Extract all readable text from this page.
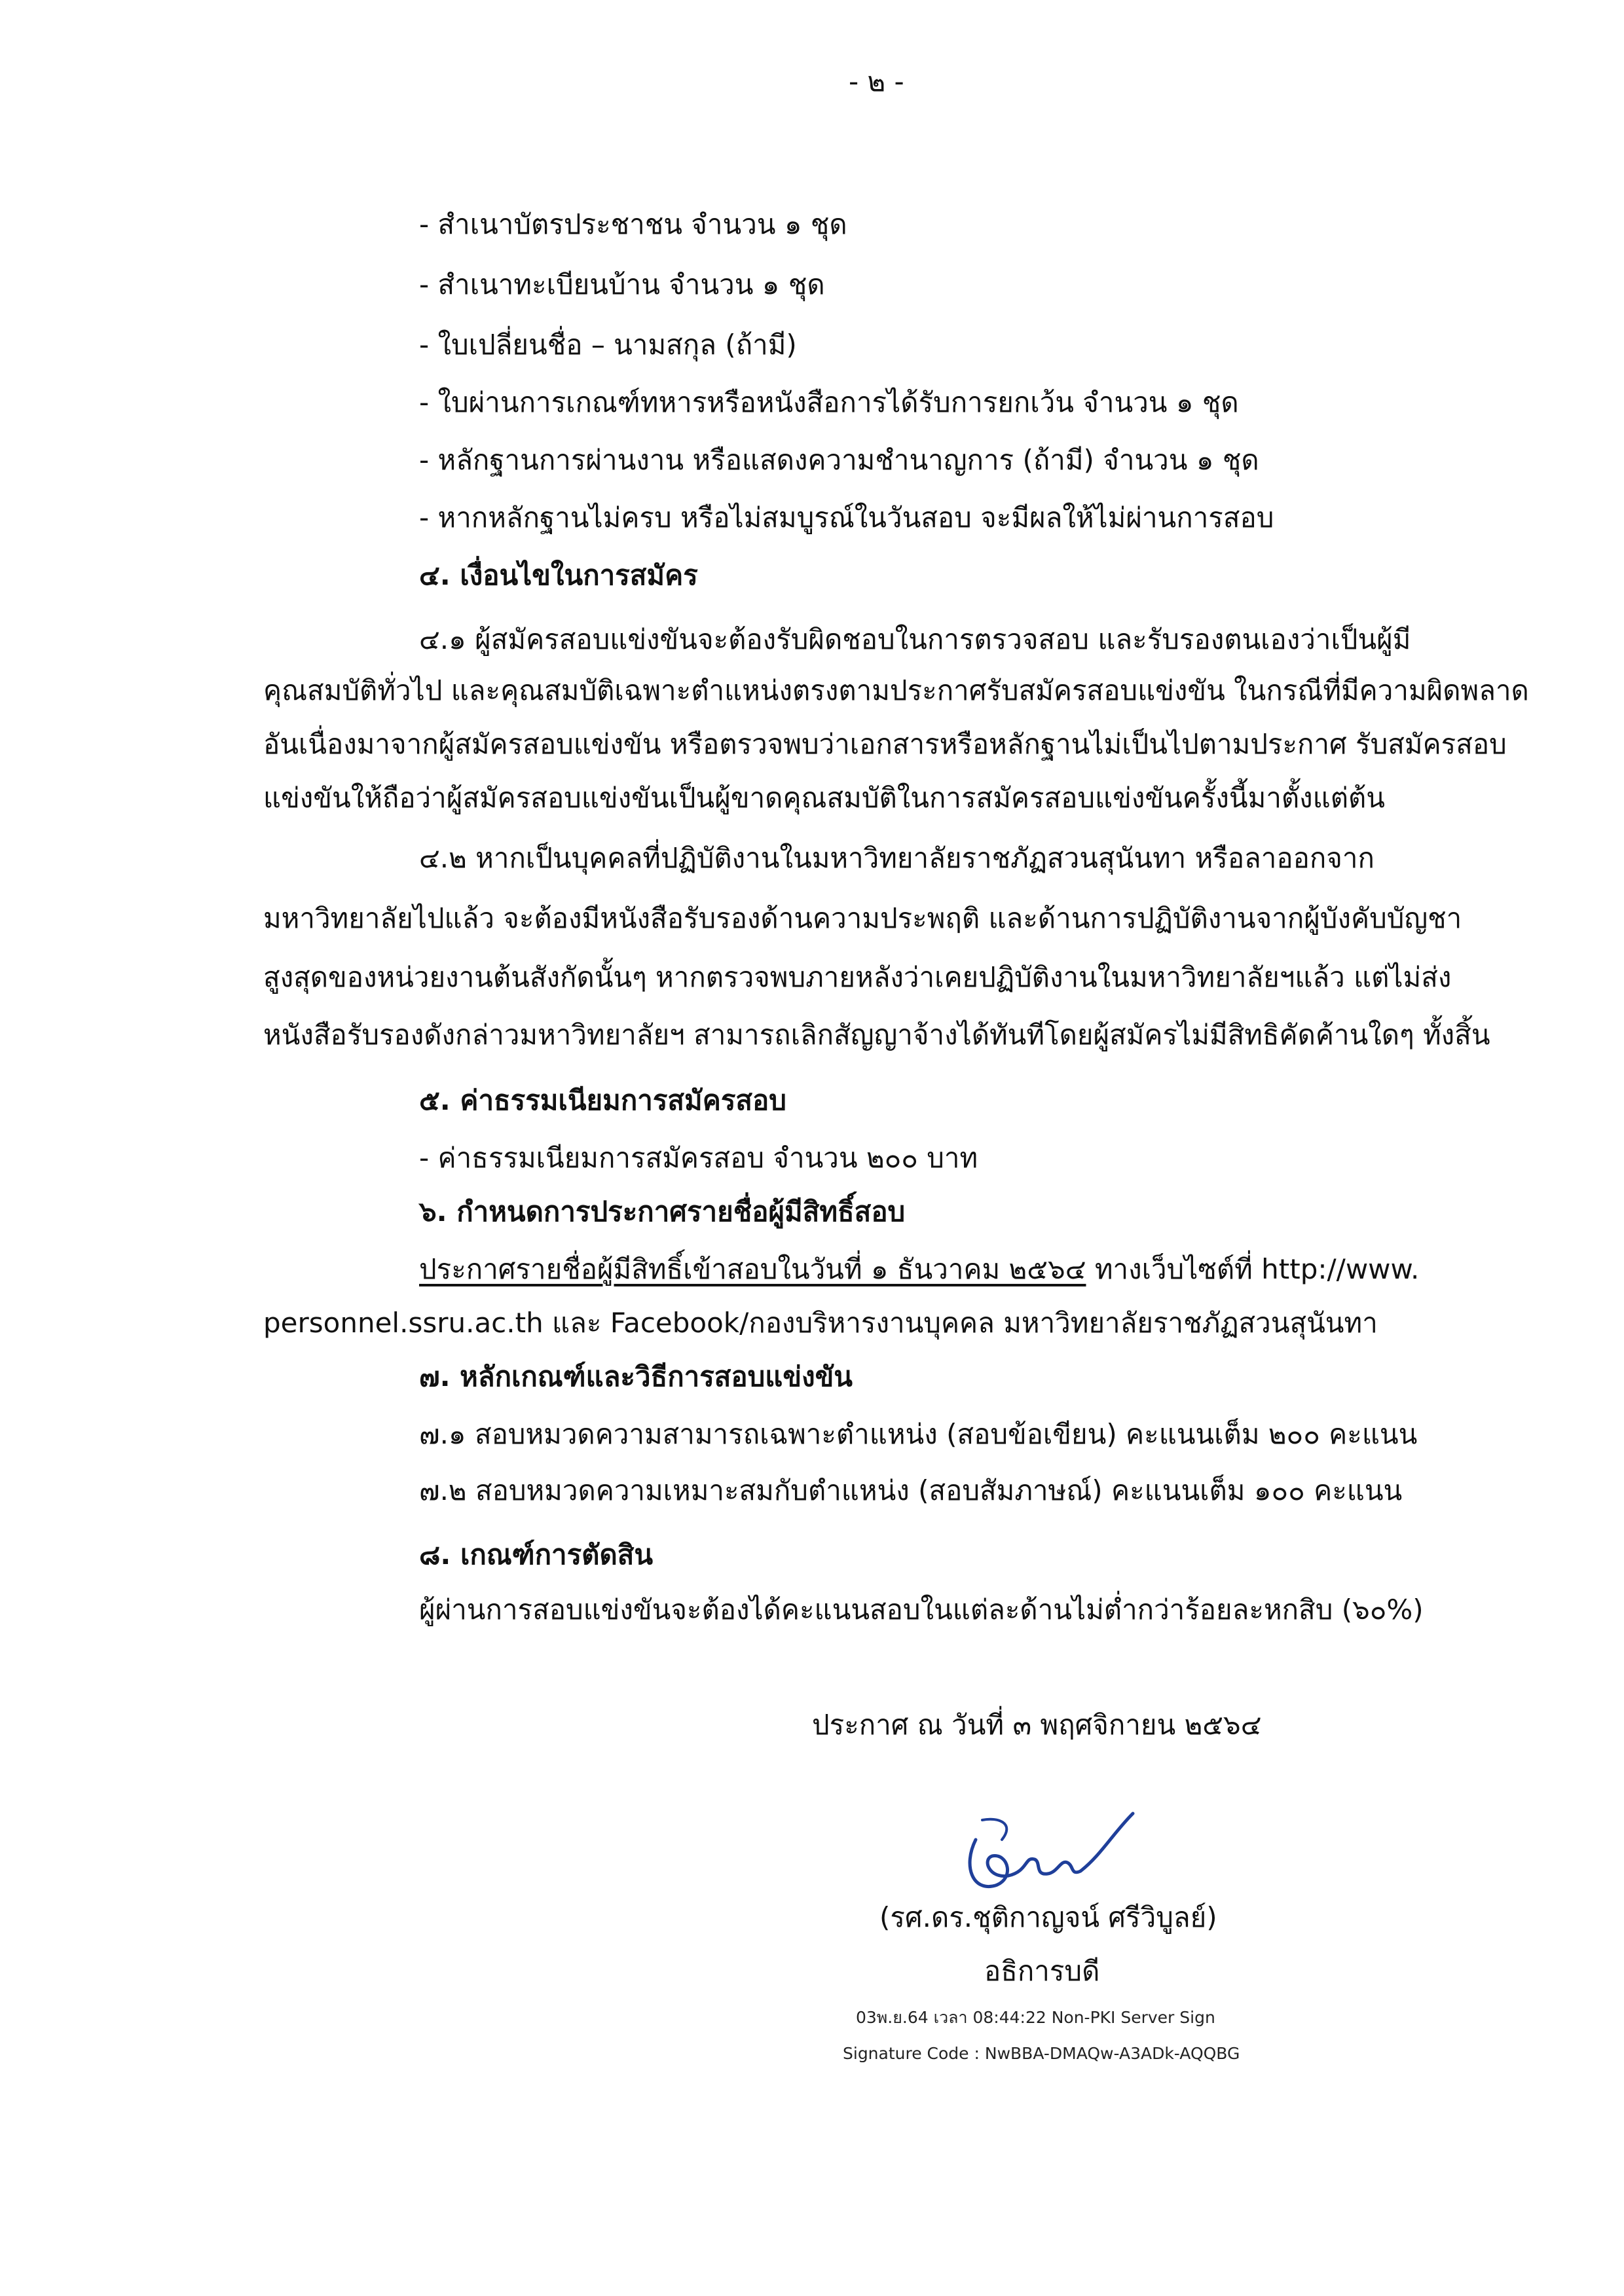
- ๒ -
- สำเนาบัตรประชาชน จำนวน ๑ ชุด
- สำเนาทะเบียนบ้าน จำนวน ๑ ชุด
- ใบเปลี่ยนชื่อ – นามสกุล (ถ้ามี)
- ใบผ่านการเกณฑ์ทหารหรือหนังสือการได้รับการยกเว้น จำนวน ๑ ชุด
- หลักฐานการผ่านงาน หรือแสดงความชำนาญการ (ถ้ามี) จำนวน ๑ ชุด
- หากหลักฐานไม่ครบ หรือไม่สมบูรณ์ในวันสอบ จะมีผลให้ไม่ผ่านการสอบ
๔. เงื่อนไขในการสมัคร
๔.๑ ผู้สมัครสอบแข่งขันจะต้องรับผิดชอบในการตรวจสอบ และรับรองตนเองว่าเป็นผู้มี
คุณสมบัติทั่วไป และคุณสมบัติเฉพาะตำแหน่งตรงตามประกาศรับสมัครสอบแข่งขัน ในกรณีที่มีความผิดพลาด
อันเนื่องมาจากผู้สมัครสอบแข่งขัน หรือตรวจพบว่าเอกสารหรือหลักฐานไม่เป็นไปตามประกาศ รับสมัครสอบ
แข่งขันให้ถือว่าผู้สมัครสอบแข่งขันเป็นผู้ขาดคุณสมบัติในการสมัครสอบแข่งขันครั้งนี้มาตั้งแต่ต้น
๔.๒ หากเป็นบุคคลที่ปฏิบัติงานในมหาวิทยาลัยราชภัฏสวนสุนันทา หรือลาออกจาก
มหาวิทยาลัยไปแล้ว จะต้องมีหนังสือรับรองด้านความประพฤติ และด้านการปฏิบัติงานจากผู้บังคับบัญชา
สูงสุดของหน่วยงานต้นสังกัดนั้นๆ หากตรวจพบภายหลังว่าเคยปฏิบัติงานในมหาวิทยาลัยฯแล้ว แต่ไม่ส่ง
หนังสือรับรองดังกล่าวมหาวิทยาลัยฯ สามารถเลิกสัญญาจ้างได้ทันทีโดยผู้สมัครไม่มีสิทธิคัดค้านใดๆ ทั้งสิ้น
๕. ค่าธรรมเนียมการสมัครสอบ
- ค่าธรรมเนียมการสมัครสอบ จำนวน ๒๐๐ บาท
๖. กำหนดการประกาศรายชื่อผู้มีสิทธิ์สอบ
ประกาศรายชื่อผู้มีสิทธิ์เข้าสอบในวันที่ ๑ ธันวาคม ๒๕๖๔ ทางเว็บไซต์ที่ http://www.
personnel.ssru.ac.th และ Facebook/กองบริหารงานบุคคล มหาวิทยาลัยราชภัฏสวนสุนันทา
๗. หลักเกณฑ์และวิธีการสอบแข่งขัน
๗.๑ สอบหมวดความสามารถเฉพาะตำแหน่ง (สอบข้อเขียน) คะแนนเต็ม ๒๐๐ คะแนน
๗.๒ สอบหมวดความเหมาะสมกับตำแหน่ง (สอบสัมภาษณ์) คะแนนเต็ม ๑๐๐ คะแนน
๘. เกณฑ์การตัดสิน
ผู้ผ่านการสอบแข่งขันจะต้องได้คะแนนสอบในแต่ละด้านไม่ต่ำกว่าร้อยละหกสิบ (๖๐%)
ประกาศ ณ วันที่ ๓ พฤศจิกายน ๒๕๖๔
(รศ.ดร.ชุติกาญจน์ ศรีวิบูลย์)
อธิการบดี
03พ.ย.64 เวลา 08:44:22 Non-PKI Server Sign
Signature Code : NwBBA-DMAQw-A3ADk-AQQBG
